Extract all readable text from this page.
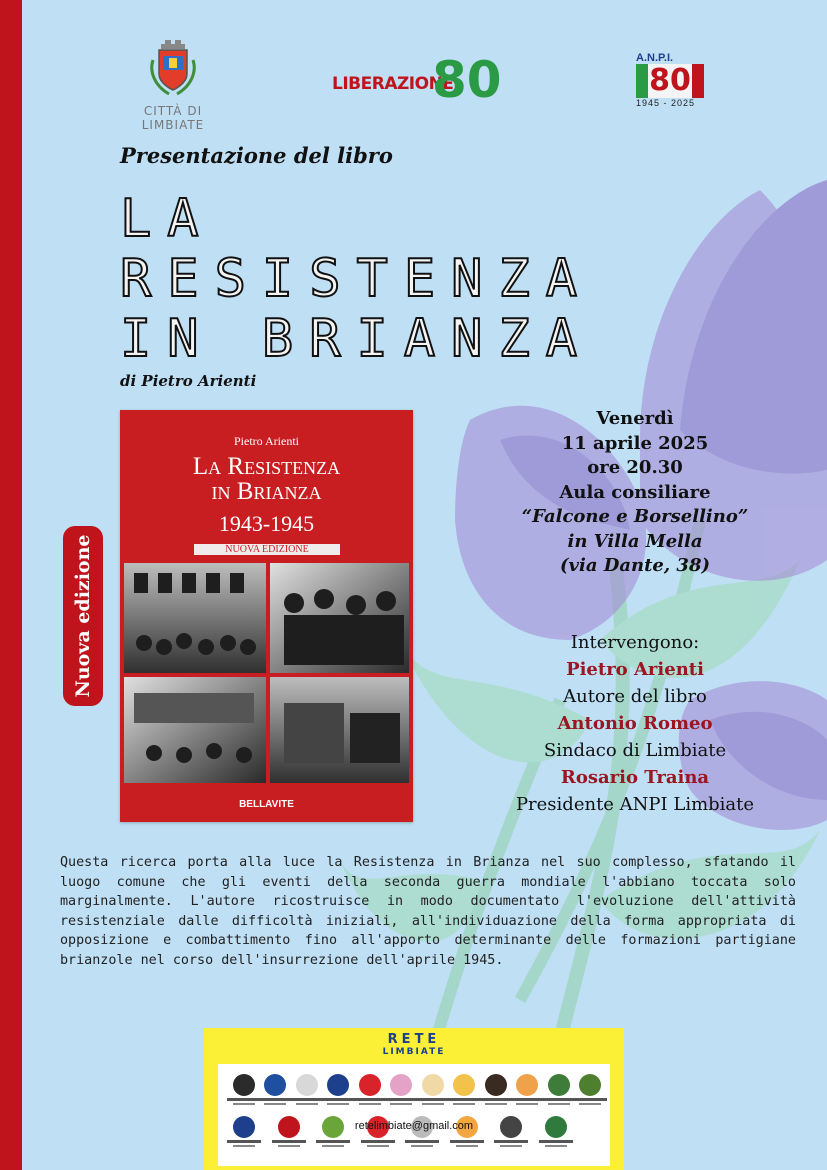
CITTÀ DI LIMBIATE
LIBERAZIONE
80	A.N.P.I.
80
1945 - 2025
Presentazione del libro
LA
RESISTENZA
IN BRIANZA
di Pietro Arienti
Pietro Arienti
La Resistenza
in Brianza
1943-1945
NUOVA EDIZIONE
BELLAVITE
Nuova edizione
Venerdì
11 aprile 2025
ore 20.30
Aula consiliare
“Falcone e Borsellino”
in Villa Mella
(via Dante, 38)
Intervengono:
Pietro Arienti
Autore del libro
Antonio Romeo
Sindaco di Limbiate
Rosario Traina
Presidente ANPI Limbiate

Questa ricerca porta alla luce la Resistenza in Brianza nel suo complesso, sfatando il luogo comune che gli eventi della seconda guerra mondiale l'abbiano toccata solo marginalmente. L'autore ricostruisce in modo documentato l'evoluzione dell'attività resistenziale dalle difficoltà iniziali, all'individuazione della forma appropriata di opposizione e combattimento fino all'apporto determinante delle formazioni partigiane brianzole nel corso dell'insurrezione dell'aprile 1945.

RETE
LIMBIATE
retelimbiate@gmail.com
